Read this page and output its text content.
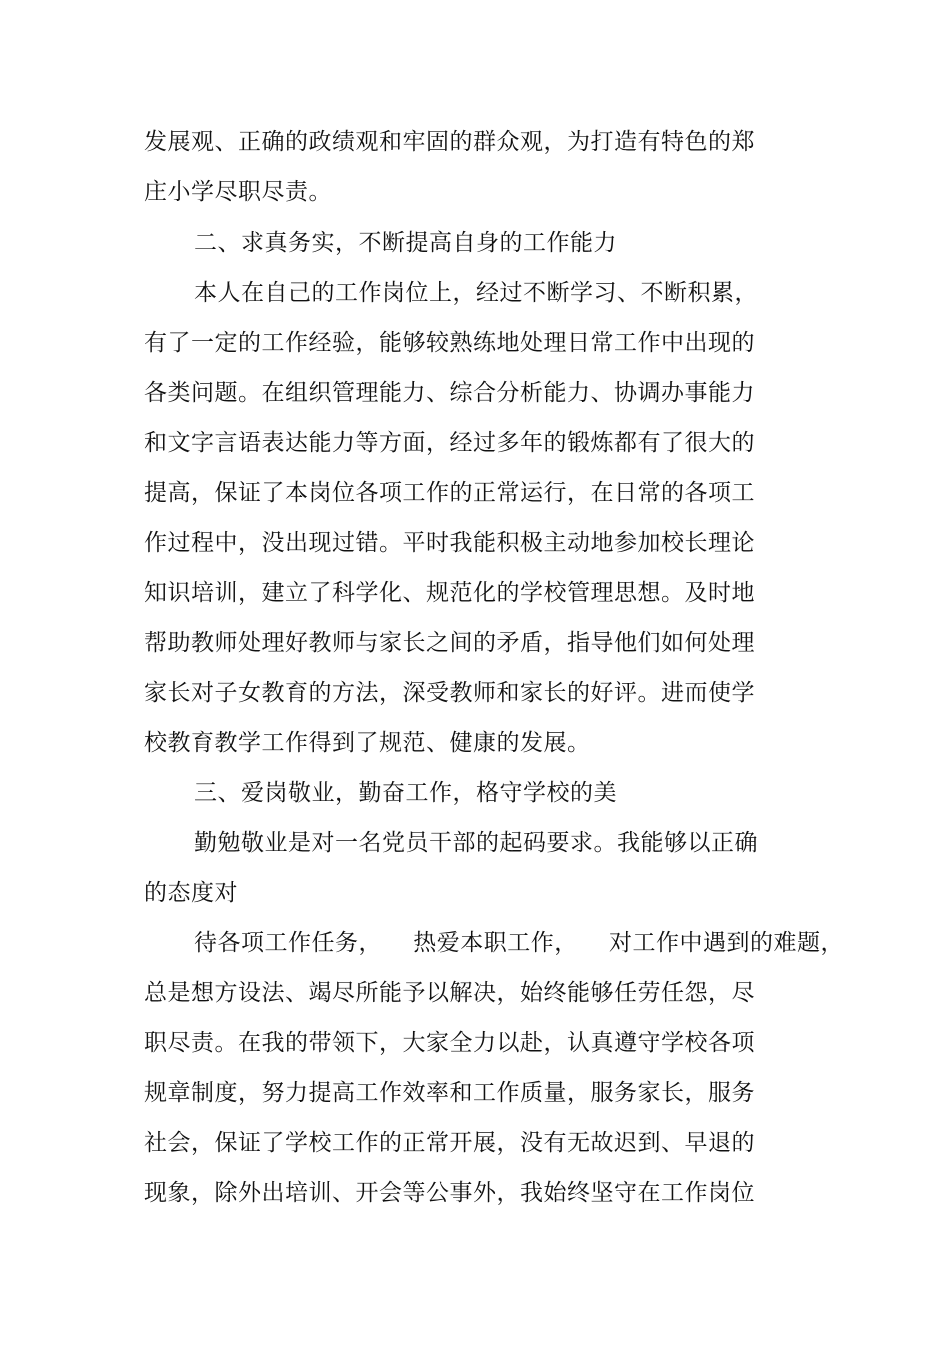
发展观、正确的政绩观和牢固的群众观，为打造有特色的郑
庄小学尽职尽责。
二、求真务实，不断提高自身的工作能力
本人在自己的工作岗位上，经过不断学习、不断积累，
有了一定的工作经验，能够较熟练地处理日常工作中出现的
各类问题。在组织管理能力、综合分析能力、协调办事能力
和文字言语表达能力等方面，经过多年的锻炼都有了很大的
提高，保证了本岗位各项工作的正常运行，在日常的各项工
作过程中，没出现过错。平时我能积极主动地参加校长理论
知识培训，建立了科学化、规范化的学校管理思想。及时地
帮助教师处理好教师与家长之间的矛盾，指导他们如何处理
家长对子女教育的方法，深受教师和家长的好评。进而使学
校教育教学工作得到了规范、健康的发展。
三、爱岗敬业，勤奋工作，格守学校的美
勤勉敬业是对一名党员干部的起码要求。我能够以正确
的态度对
待各项工作任务，    热爱本职工作，    对工作中遇到的难题，
总是想方设法、竭尽所能予以解决，始终能够任劳任怨，尽
职尽责。在我的带领下，大家全力以赴，认真遵守学校各项
规章制度，努力提高工作效率和工作质量，服务家长，服务
社会，保证了学校工作的正常开展，没有无故迟到、早退的
现象，除外出培训、开会等公事外，我始终坚守在工作岗位
